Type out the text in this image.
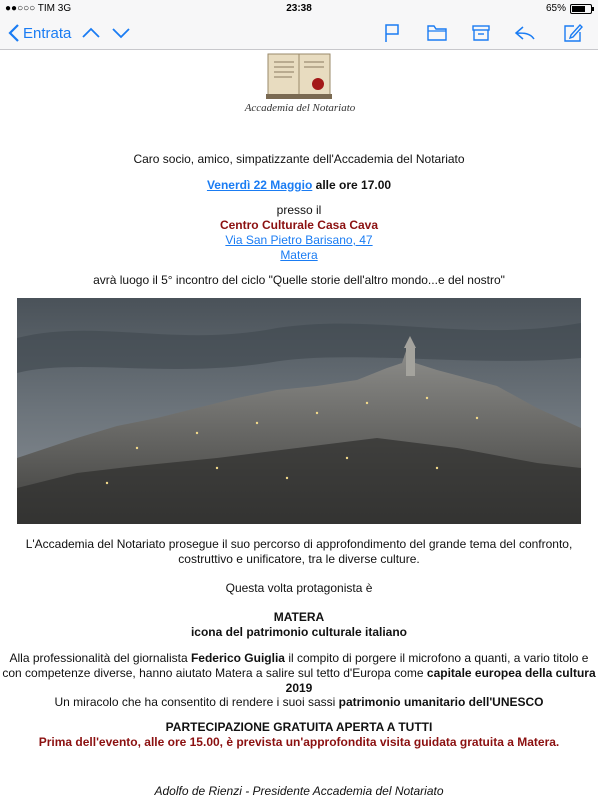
●●○○○ TIM 3G	23:38	65%
Entrata
Accademia del Notariato
Caro socio, amico, simpatizzante dell'Accademia del Notariato
Venerdì 22 Maggio alle ore 17.00
presso il
Centro Culturale Casa Cava
Via San Pietro Barisano, 47
Matera
avrà luogo il 5° incontro del ciclo "Quelle storie dell'altro mondo...e del nostro"
L'Accademia del Notariato prosegue il suo percorso di approfondimento del grande tema del confronto,
costruttivo e unificatore, tra le diverse culture.
Questa volta protagonista è
MATERA
icona del patrimonio culturale italiano
Alla professionalità del giornalista Federico Guiglia il compito di porgere il microfono a quanti, a vario titolo e
con competenze diverse, hanno aiutato Matera a salire sul tetto d'Europa come capitale europea della cultura
2019
Un miracolo che ha consentito di rendere i suoi sassi patrimonio umanitario dell'UNESCO
PARTECIPAZIONE GRATUITA APERTA A TUTTI
Prima dell'evento, alle ore 15.00, è prevista un'approfondita visita guidata gratuita a Matera.
Adolfo de Rienzi - Presidente Accademia del Notariato
